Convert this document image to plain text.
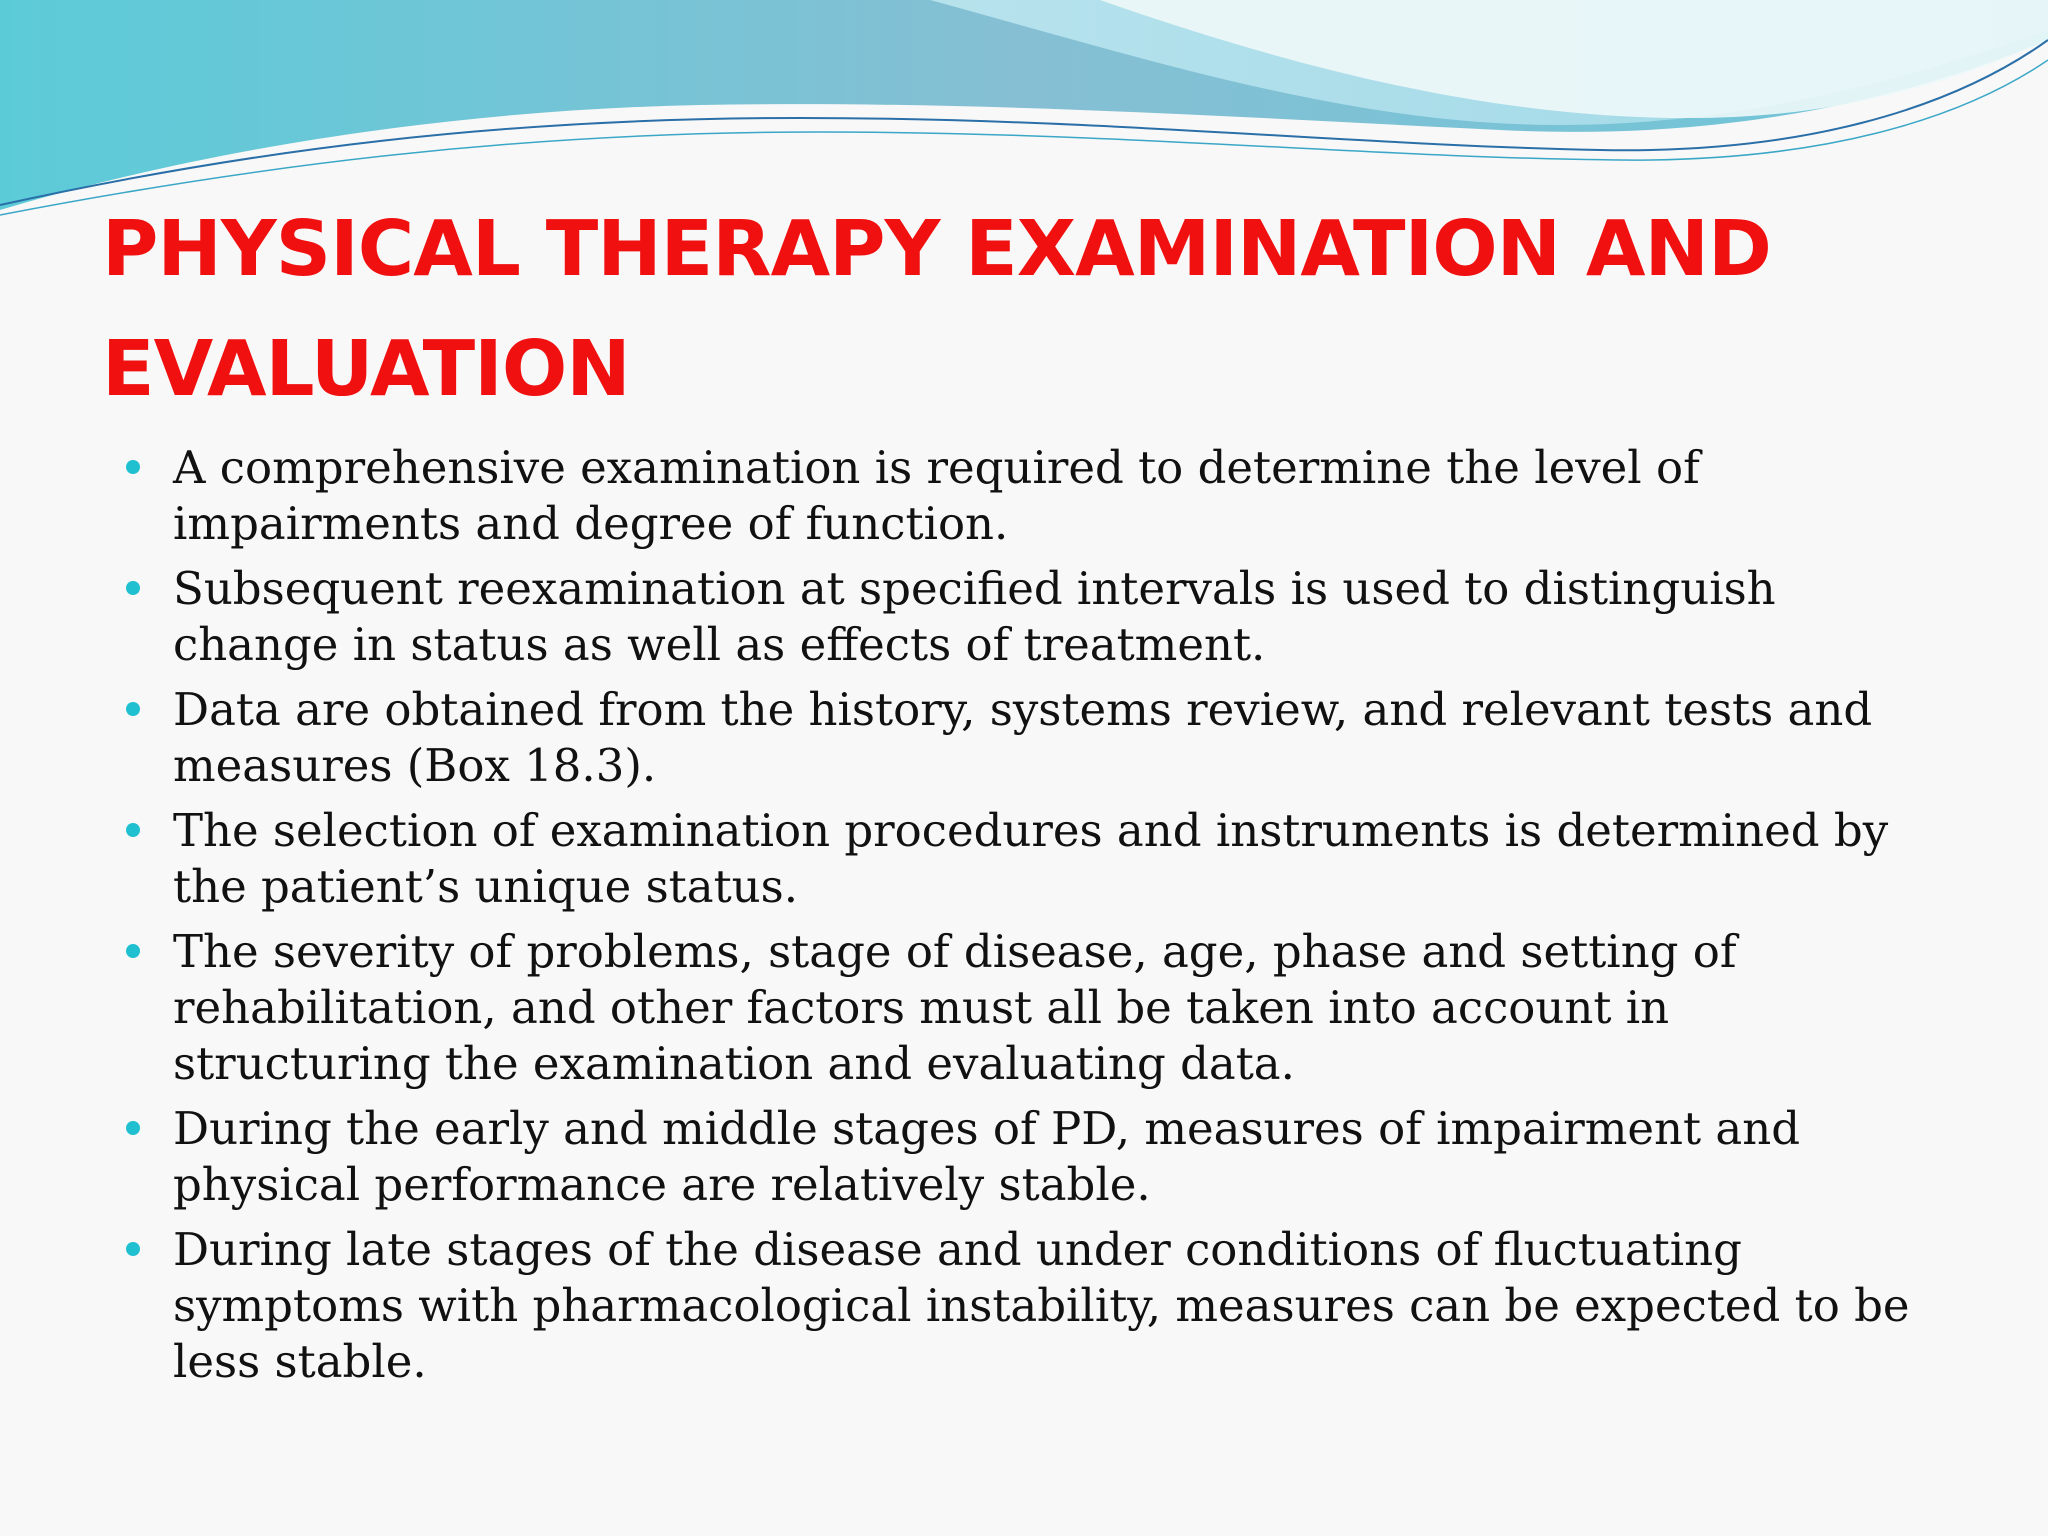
PHYSICAL THERAPY EXAMINATION AND EVALUATION
A comprehensive examination is required to determine the level of impairments and degree of function.
Subsequent reexamination at specified intervals is used to distinguish change in status as well as effects of treatment.
Data are obtained from the history, systems review, and relevant tests and measures (Box 18.3).
The selection of examination procedures and instruments is determined by the patient’s unique status.
The severity of problems, stage of disease, age, phase and setting of rehabilitation, and other factors must all be taken into account in structuring the examination and evaluating data.
During the early and middle stages of PD, measures of impairment and physical performance are relatively stable.
During late stages of the disease and under conditions of fluctuating symptoms with pharmacological instability, measures can be expected to be less stable.
